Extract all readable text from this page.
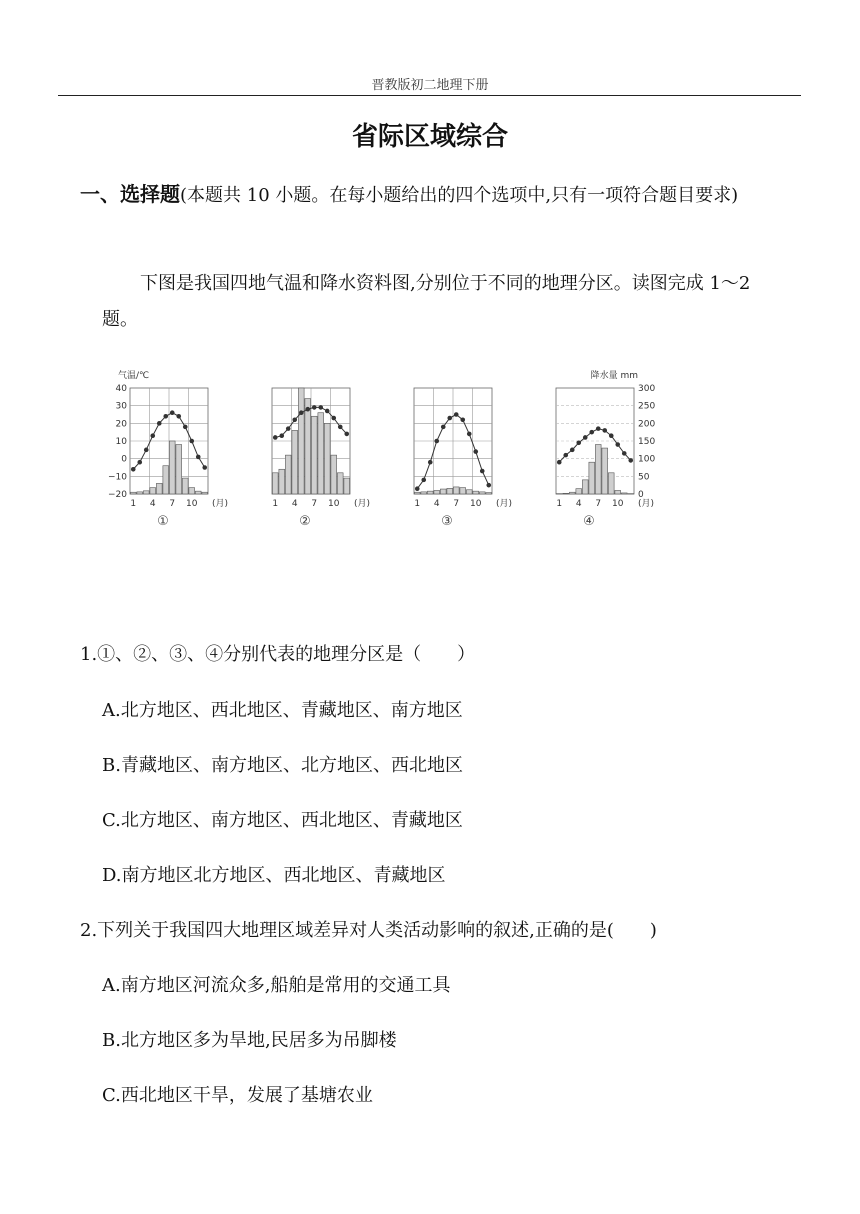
晋教版初二地理下册
省际区域综合
一、选择题(本题共 10 小题。在每小题给出的四个选项中,只有一项符合题目要求)
下图是我国四地气温和降水资料图,分别位于不同的地理分区。读图完成 1～2 题。
1 4 7 10 (月)
①
气温/℃
40
30
20
10
0
−10
−20
1 4 7 10 (月)
②
1 4 7 10 (月)
③
1 4 7 10 (月)
④
降水量 mm
300
250
200
150
100
50
0
1.①、②、③、④分别代表的地理分区是（　　）
A.北方地区、西北地区、青藏地区、南方地区
B.青藏地区、南方地区、北方地区、西北地区
C.北方地区、南方地区、西北地区、青藏地区
D.南方地区北方地区、西北地区、青藏地区
2.下列关于我国四大地理区域差异对人类活动影响的叙述,正确的是(　　)
A.南方地区河流众多,船舶是常用的交通工具
B.北方地区多为旱地,民居多为吊脚楼
C.西北地区干旱，发展了基塘农业
